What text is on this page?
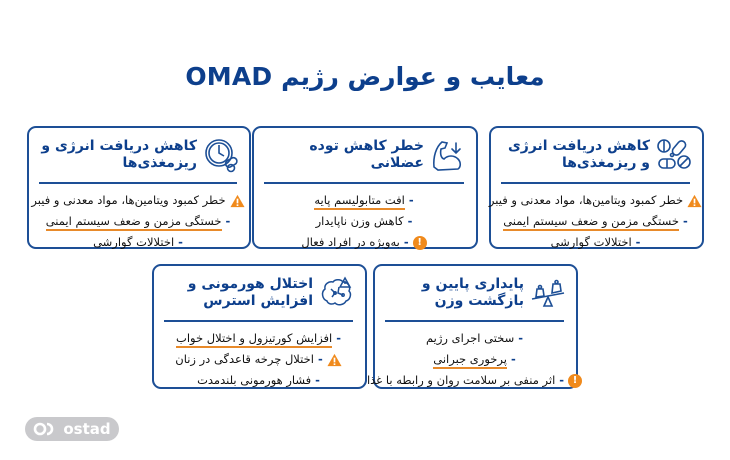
معایب و عوارض رژیم OMAD
کاهش دریافت انرژی و ریزمغذی‌ها
خطر کمبود ویتامین‌ها، مواد معدنی و فیبر
-
خستگی مزمن و ضعف سیستم ایمنی
-
اختلالات گوارشی
خطر کاهش توده عضلانی
-
افت متابولیسم پایه
-
کاهش وزن ناپایدار
!
-
به‌ویژه در افراد فعال
کاهش دریافت انرژی و ریزمغذی‌ها
خطر کمبود ویتامین‌ها، مواد معدنی و فیبر
-
خستگی مزمن و ضعف سیستم ایمنی
-
اختلالات گوارشی
پایداری پایین و بازگشت وزن
-
سختی اجرای رژیم
-
پرخوری جبرانی
!
-
اثر منفی بر سلامت روان و رابطه با غذا
اختلال هورمونی و افزایش استرس
-
افزایش کورتیزول و اختلال خواب
-
اختلال چرخه قاعدگی در زنان
-
فشار هورمونی بلندمدت
ostad
